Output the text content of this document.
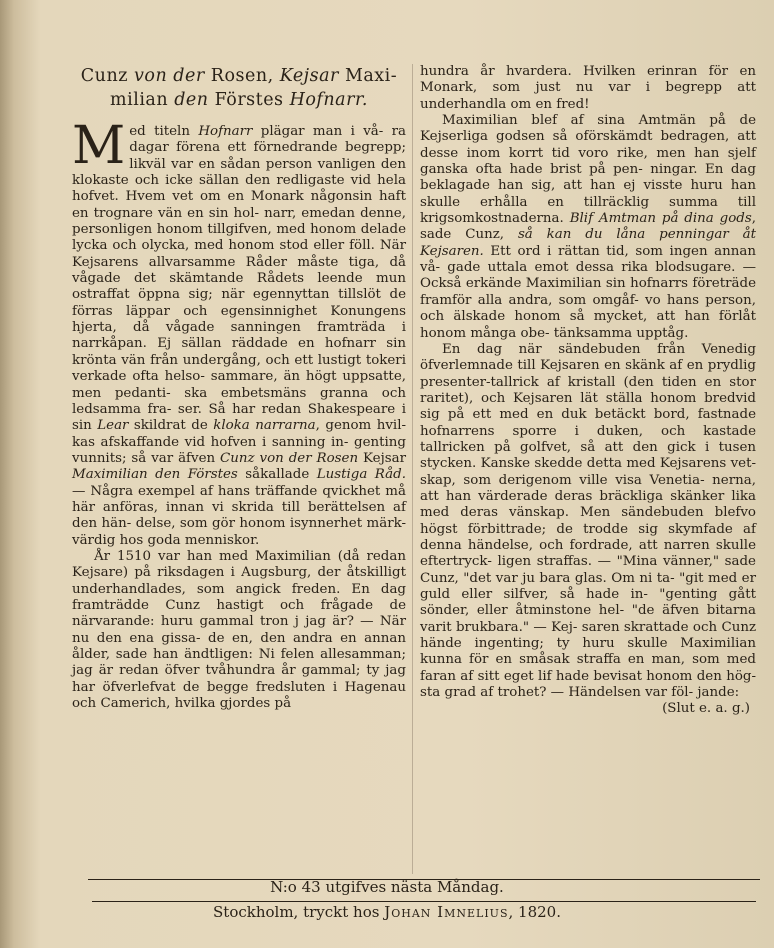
Cunz von der Rosen, Kejsar Maxi-
milian den Förstes Hofnarr.

Med titeln Hofnarr plägar man i vå- ra dagar förena ett förnedrande begrepp; likväl var en sådan person vanligen den klokaste och icke sällan den redligaste vid hela hofvet. Hvem vet om en Monark någonsin haft en trognare vän en sin hol- narr, emedan denne, personligen honom tillgifven, med honom delade lycka och olycka, med honom stod eller föll. När Kejsarens allvarsamme Råder måste tiga, då vågade det skämtande Rådets leende mun ostraffat öppna sig; när egennyttan tillslöt de förras läppar och egensinnighet Konungens hjerta, då vågade sanningen framträda i narrkåpan. Ej sällan räddade en hofnarr sin krönta vän från undergång, och ett lustigt tokeri verkade ofta helso- sammare, än högt uppsatte, men pedanti- ska embetsmäns granna och ledsamma fra- ser. Så har redan Shakespeare i sin Lear skildrat de kloka narrarna, genom hvil- kas afskaffande vid hofven i sanning in- genting vunnits; så var äfven Cunz von der Rosen Kejsar Maximilian den Förstes såkallade Lustiga Råd. — Några exempel af hans träffande qvickhet må här anföras, innan vi skrida till berättelsen af den hän- delse, som gör honom isynnerhet märk- värdig hos goda menniskor.

År 1510 var han med Maximilian (då redan Kejsare) på riksdagen i Augsburg, der åtskilligt underhandlades, som angick freden. En dag framträdde Cunz hastigt och frågade de närvarande: huru gammal tron j jag är? — När nu den ena gissa- de en, den andra en annan ålder, sade han ändtligen: Ni felen allesamman; jag är redan öfver tvåhundra år gammal; ty jag har öfverlefvat de begge fredsluten i Hagenau och Camerich, hvilka gjordes på

hundra år hvardera. Hvilken erinran för en Monark, som just nu var i begrepp att underhandla om en fred!

Maximilian blef af sina Amtmän på de Kejserliga godsen så oförskämdt bedragen, att desse inom korrt tid voro rike, men han sjelf ganska ofta hade brist på pen- ningar. En dag beklagade han sig, att han ej visste huru han skulle erhålla en tillräcklig summa till krigsomkostnaderna. Blif Amtman på dina gods, sade Cunz, så kan du låna penningar åt Kejsaren. Ett ord i rättan tid, som ingen annan vå- gade uttala emot dessa rika blodsugare. — Också erkände Maximilian sin hofnarrs företräde framför alla andra, som omgåf- vo hans person, och älskade honom så mycket, att han förlåt honom många obe- tänksamma upptåg.

En dag när sändebuden från Venedig öfverlemnade till Kejsaren en skänk af en prydlig presenter-tallrick af kristall (den tiden en stor raritet), och Kejsaren lät ställa honom bredvid sig på ett med en duk betäckt bord, fastnade hofnarrens sporre i duken, och kastade tallricken på golfvet, så att den gick i tusen stycken. Kanske skedde detta med Kejsarens vet- skap, som derigenom ville visa Venetia- nerna, att han värderade deras bräckliga skänker lika med deras vänskap. Men sändebuden blefvo högst förbittrade; de trodde sig skymfade af denna händelse, och fordrade, att narren skulle eftertryck- ligen straffas. — "Mina vänner," sade Cunz, "det var ju bara glas. Om ni ta- "git med er guld eller silfver, så hade in- "genting gått sönder, eller åtminstone hel- "de äfven bitarna varit brukbara." — Kej- saren skrattade och Cunz hände ingenting; ty huru skulle Maximilian kunna för en småsak straffa en man, som med faran af sitt eget lif hade bevisat honom den hög- sta grad af trohet? — Händelsen var föl- jande:

(Slut e. a. g.)

N:o 43 utgifves nästa Måndag.
Stockholm, tryckt hos Johan Imnelius, 1820.
